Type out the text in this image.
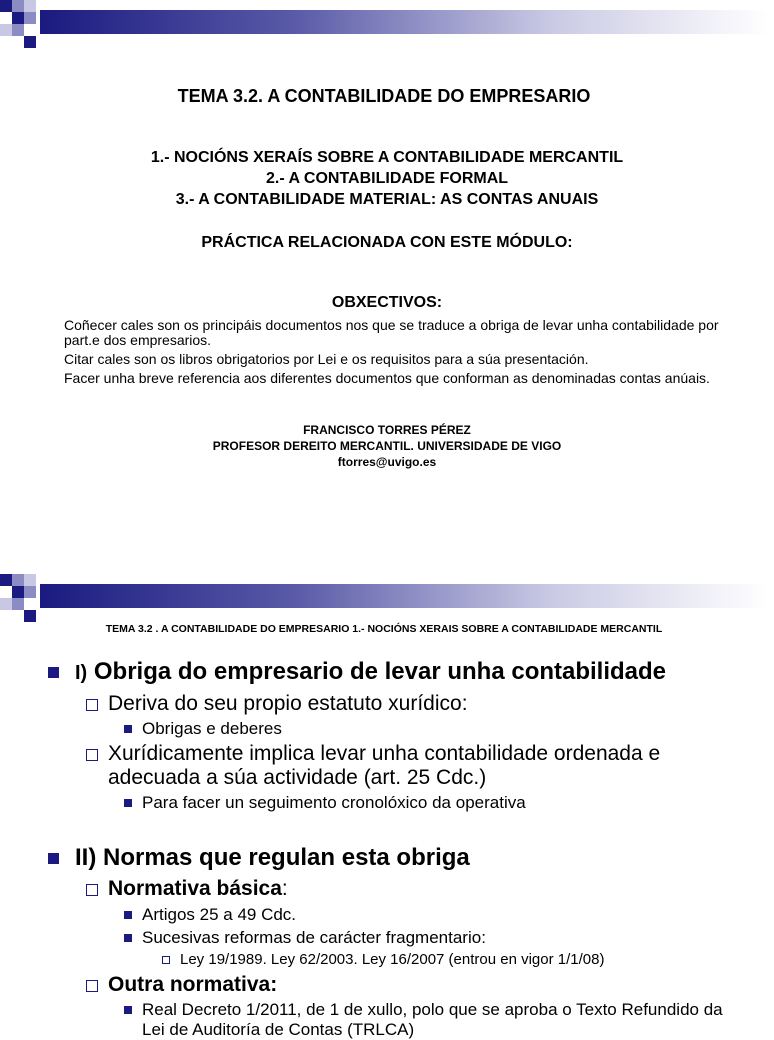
TEMA 3.2. A CONTABILIDADE DO EMPRESARIO
1.- NOCIÓNS XERAÍS SOBRE A CONTABILIDADE MERCANTIL
2.- A CONTABILIDADE FORMAL
3.- A CONTABILIDADE MATERIAL: AS CONTAS ANUAIS
PRÁCTICA RELACIONADA CON ESTE MÓDULO:
OBXECTIVOS:

Coñecer cales son os principáis documentos nos que se traduce a obriga de levar unha contabilidade por part.e dos empresarios.

Citar cales son os libros obrigatorios por Lei e os requisitos para a súa presentación.

Facer unha breve referencia aos diferentes documentos que conforman as denominadas contas anúais.

FRANCISCO TORRES PÉREZ
PROFESOR DEREITO MERCANTIL. UNIVERSIDADE DE VIGO
ftorres@uvigo.es
TEMA 3.2 . A CONTABILIDADE DO EMPRESARIO 1.- NOCIÓNS XERAIS SOBRE A CONTABILIDADE MERCANTIL
I) Obriga do empresario de levar unha contabilidade
Deriva do seu propio estatuto xurídico:
Obrigas e deberes
Xurídicamente implica levar unha contabilidade ordenada e adecuada a súa actividade (art. 25 Cdc.)
Para facer un seguimento cronolóxico da operativa
II) Normas que regulan esta obriga
Normativa básica:
Artigos 25 a 49 Cdc.
Sucesivas reformas de carácter fragmentario:
Ley 19/1989. Ley 62/2003. Ley 16/2007 (entrou en vigor 1/1/08)
Outra normativa:
Real Decreto 1/2011, de 1 de xullo, polo que se aproba o Texto Refundido da Lei de Auditoría de Contas (TRLCA)
